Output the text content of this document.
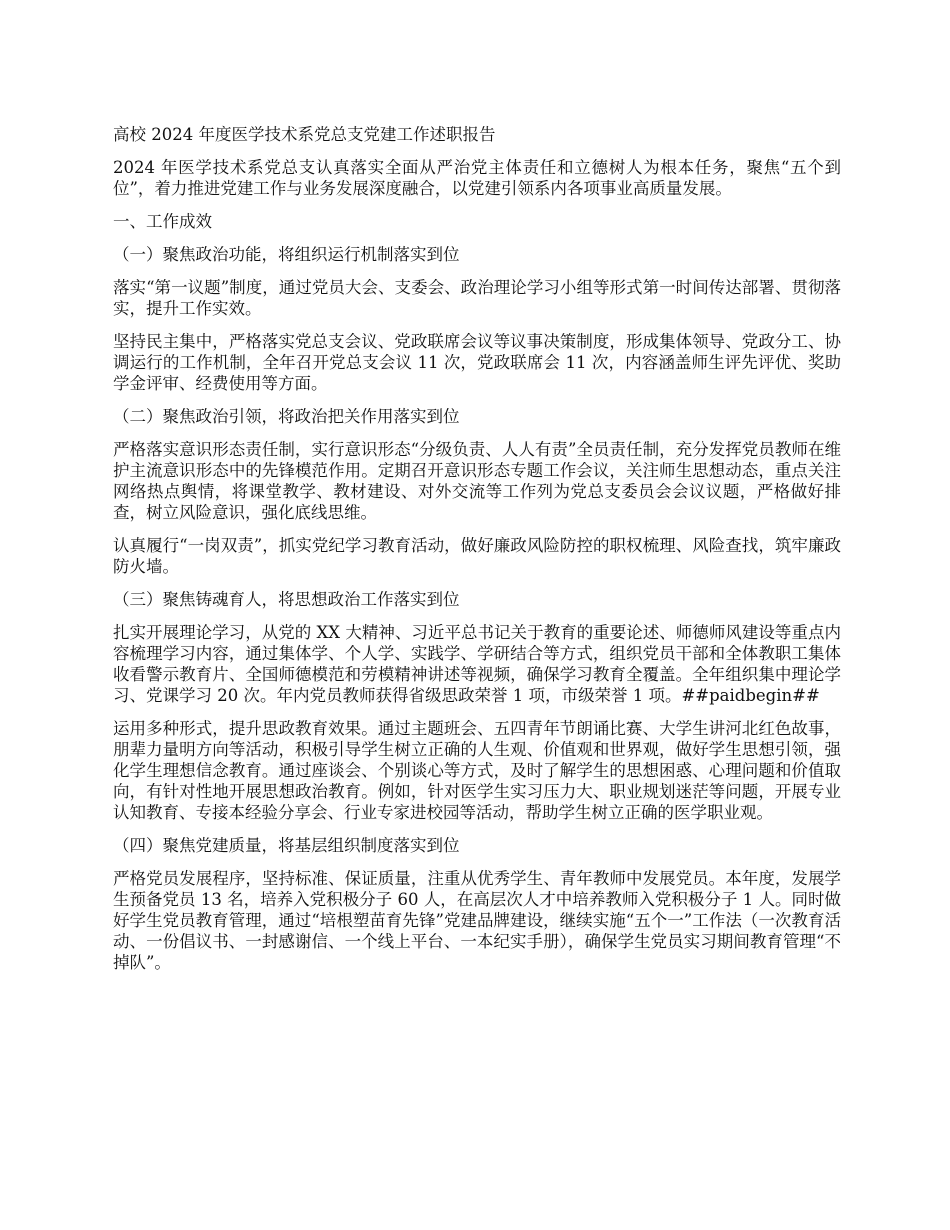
高校 2024 年度医学技术系党总支党建工作述职报告

2024 年医学技术系党总支认真落实全面从严治党主体责任和立德树人为根本任务，聚焦“五个到位”，着力推进党建工作与业务发展深度融合，以党建引领系内各项事业高质量发展。

一、工作成效

（一）聚焦政治功能，将组织运行机制落实到位

落实“第一议题”制度，通过党员大会、支委会、政治理论学习小组等形式第一时间传达部署、贯彻落实，提升工作实效。

坚持民主集中，严格落实党总支会议、党政联席会议等议事决策制度，形成集体领导、党政分工、协调运行的工作机制，全年召开党总支会议 11 次，党政联席会 11 次，内容涵盖师生评先评优、奖助学金评审、经费使用等方面。

（二）聚焦政治引领，将政治把关作用落实到位

严格落实意识形态责任制，实行意识形态“分级负责、人人有责”全员责任制，充分发挥党员教师在维护主流意识形态中的先锋模范作用。定期召开意识形态专题工作会议，关注师生思想动态，重点关注网络热点舆情，将课堂教学、教材建设、对外交流等工作列为党总支委员会会议议题，严格做好排查，树立风险意识，强化底线思维。

认真履行“一岗双责”，抓实党纪学习教育活动，做好廉政风险防控的职权梳理、风险查找，筑牢廉政防火墙。

（三）聚焦铸魂育人，将思想政治工作落实到位

扎实开展理论学习，从党的 XX 大精神、习近平总书记关于教育的重要论述、师德师风建设等重点内容梳理学习内容，通过集体学、个人学、实践学、学研结合等方式，组织党员干部和全体教职工集体收看警示教育片、全国师德模范和劳模精神讲述等视频，确保学习教育全覆盖。全年组织集中理论学习、党课学习 20 次。年内党员教师获得省级思政荣誉 1 项，市级荣誉 1 项。##paidbegin##

运用多种形式，提升思政教育效果。通过主题班会、五四青年节朗诵比赛、大学生讲河北红色故事，朋辈力量明方向等活动，积极引导学生树立正确的人生观、价值观和世界观，做好学生思想引领，强化学生理想信念教育。通过座谈会、个别谈心等方式，及时了解学生的思想困惑、心理问题和价值取向，有针对性地开展思想政治教育。例如，针对医学生实习压力大、职业规划迷茫等问题，开展专业认知教育、专接本经验分享会、行业专家进校园等活动，帮助学生树立正确的医学职业观。

（四）聚焦党建质量，将基层组织制度落实到位

严格党员发展程序，坚持标准、保证质量，注重从优秀学生、青年教师中发展党员。本年度，发展学生预备党员 13 名，培养入党积极分子 60 人，在高层次人才中培养教师入党积极分子 1 人。同时做好学生党员教育管理，通过“培根塑苗育先锋”党建品牌建设，继续实施“五个一”工作法（一次教育活动、一份倡议书、一封感谢信、一个线上平台、一本纪实手册），确保学生党员实习期间教育管理“不掉队”。
